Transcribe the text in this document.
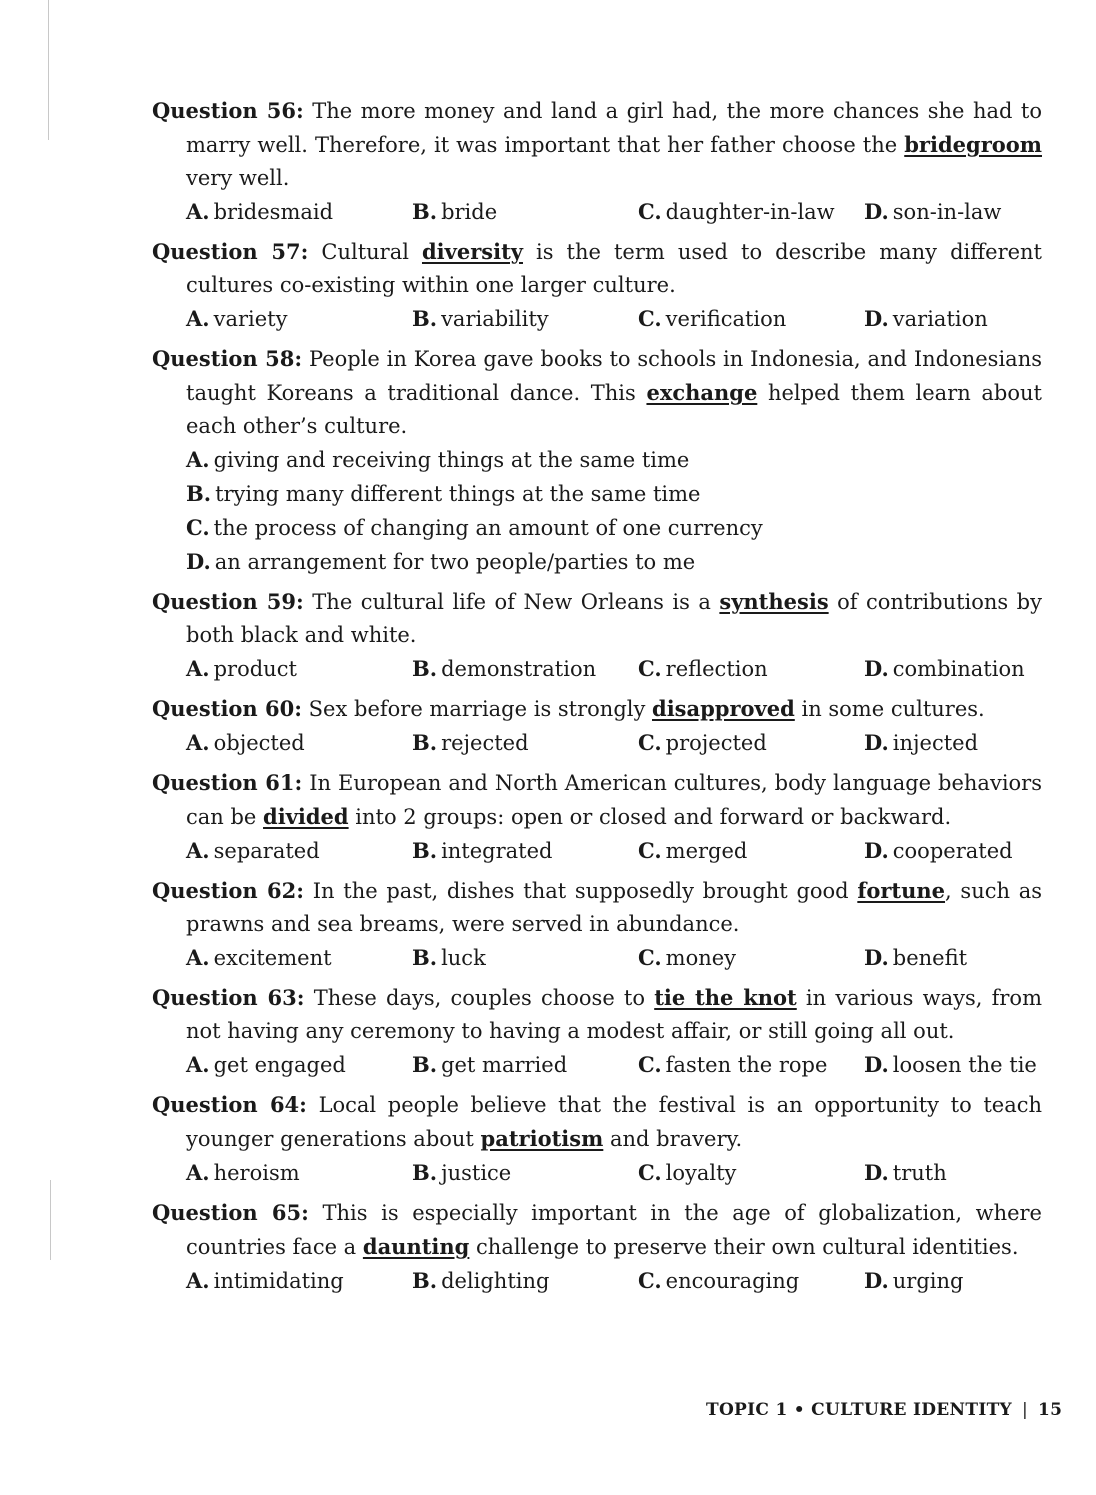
Question 56: The more money and land a girl had, the more chances she had to marry well. Therefore, it was important that her father choose the bridegroom very well.
A. bridesmaid	B. bride	C. daughter-in-law	D. son-in-law
Question 57: Cultural diversity is the term used to describe many different cultures co-existing within one larger culture.
A. variety	B. variability	C. verification	D. variation
Question 58: People in Korea gave books to schools in Indonesia, and Indonesians taught Koreans a traditional dance. This exchange helped them learn about each other’s culture.
A. giving and receiving things at the same time
B. trying many different things at the same time
C. the process of changing an amount of one currency
D. an arrangement for two people/parties to me
Question 59: The cultural life of New Orleans is a synthesis of contributions by both black and white.
A. product	B. demonstration	C. reflection	D. combination
Question 60: Sex before marriage is strongly disapproved in some cultures.
A. objected	B. rejected	C. projected	D. injected
Question 61: In European and North American cultures, body language behaviors can be divided into 2 groups: open or closed and forward or backward.
A. separated	B. integrated	C. merged	D. cooperated
Question 62: In the past, dishes that supposedly brought good fortune, such as prawns and sea breams, were served in abundance.
A. excitement	B. luck	C. money	D. benefit
Question 63: These days, couples choose to tie the knot in various ways, from not having any ceremony to having a modest affair, or still going all out.
A. get engaged	B. get married	C. fasten the rope	D. loosen the tie
Question 64: Local people believe that the festival is an opportunity to teach younger generations about patriotism and bravery.
A. heroism	B. justice	C. loyalty	D. truth
Question 65: This is especially important in the age of globalization, where countries face a daunting challenge to preserve their own cultural identities.
A. intimidating	B. delighting	C. encouraging	D. urging
TOPIC 1 • CULTURE IDENTITY | 15
